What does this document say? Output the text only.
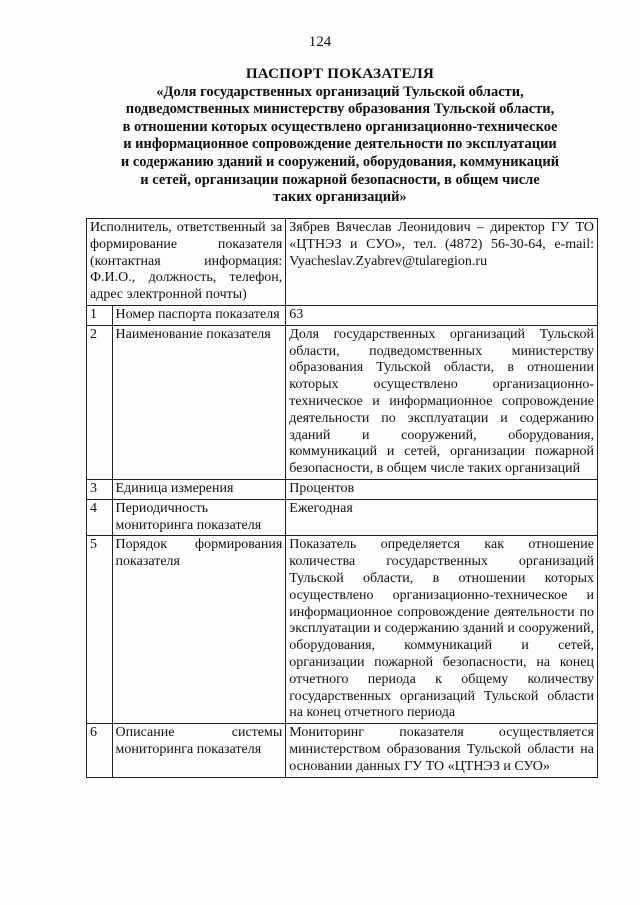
124
ПАСПОРТ ПОКАЗАТЕЛЯ
«Доля государственных организаций Тульской области,
подведомственных министерству образования Тульской области,
в отношении которых осуществлено организационно-техническое
и информационное сопровождение деятельности по эксплуатации
и содержанию зданий и сооружений, оборудования, коммуникаций
и сетей, организации пожарной безопасности, в общем числе
таких организаций»
Исполнитель, ответственный за формирование показателя (контактная информация: Ф.И.О., должность, телефон, адрес электронной почты)		Зябрев Вячеслав Леонидович – директор ГУ ТО «ЦТНЭЗ и СУО», тел. (4872) 56-30-64, e-mail: Vyacheslav.Zyabrev@tularegion.ru
1	Номер паспорта показателя	63
2	Наименование показателя	Доля государственных организаций Тульской области, подведомственных министерству образования Тульской области, в отношении которых осуществлено организационно-техническое и информационное сопровождение деятельности по эксплуатации и содержанию зданий и сооружений, оборудования, коммуникаций и сетей, организации пожарной безопасности, в общем числе таких организаций
3	Единица измерения	Процентов
4	Периодичность мониторинга показателя	Ежегодная
5	Порядок формирования показателя	Показатель определяется как отношение количества государственных организаций Тульской области, в отношении которых осуществлено организационно-техническое и информационное сопровождение деятельности по эксплуатации и содержанию зданий и сооружений, оборудования, коммуникаций и сетей, организации пожарной безопасности, на конец отчетного периода к общему количеству государственных организаций Тульской области на конец отчетного периода
6	Описание системы мониторинга показателя	Мониторинг показателя осуществляется министерством образования Тульской области на основании данных ГУ ТО «ЦТНЭЗ и СУО»
